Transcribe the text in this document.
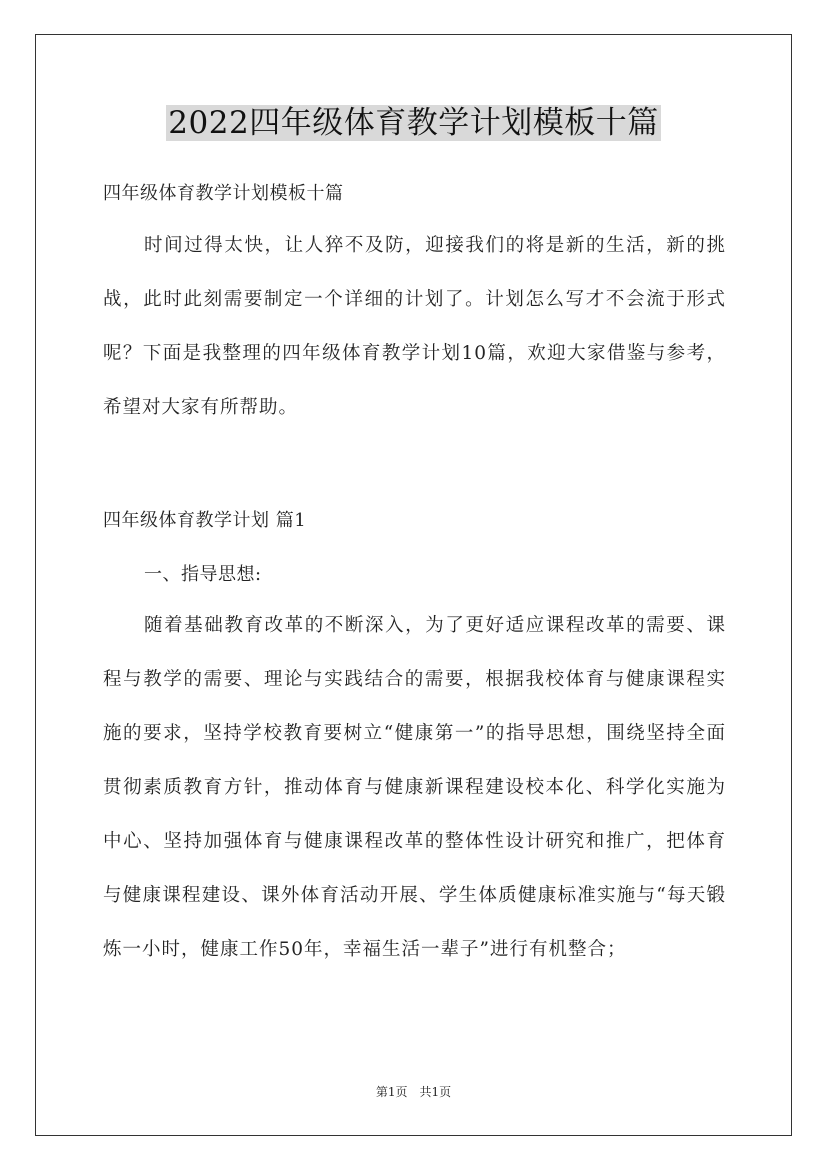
2022四年级体育教学计划模板十篇
四年级体育教学计划模板十篇
时间过得太快，让人猝不及防，迎接我们的将是新的生活，新的挑战，此时此刻需要制定一个详细的计划了。计划怎么写才不会流于形式呢？下面是我整理的四年级体育教学计划10篇，欢迎大家借鉴与参考，希望对大家有所帮助。
四年级体育教学计划 篇1
一、指导思想:
随着基础教育改革的不断深入，为了更好适应课程改革的需要、课程与教学的需要、理论与实践结合的需要，根据我校体育与健康课程实施的要求，坚持学校教育要树立“健康第一”的指导思想，围绕坚持全面贯彻素质教育方针，推动体育与健康新课程建设校本化、科学化实施为中心、坚持加强体育与健康课程改革的整体性设计研究和推广，把体育与健康课程建设、课外体育活动开展、学生体质健康标准实施与“每天锻炼一小时，健康工作50年，幸福生活一辈子”进行有机整合；
第1页　共1页
